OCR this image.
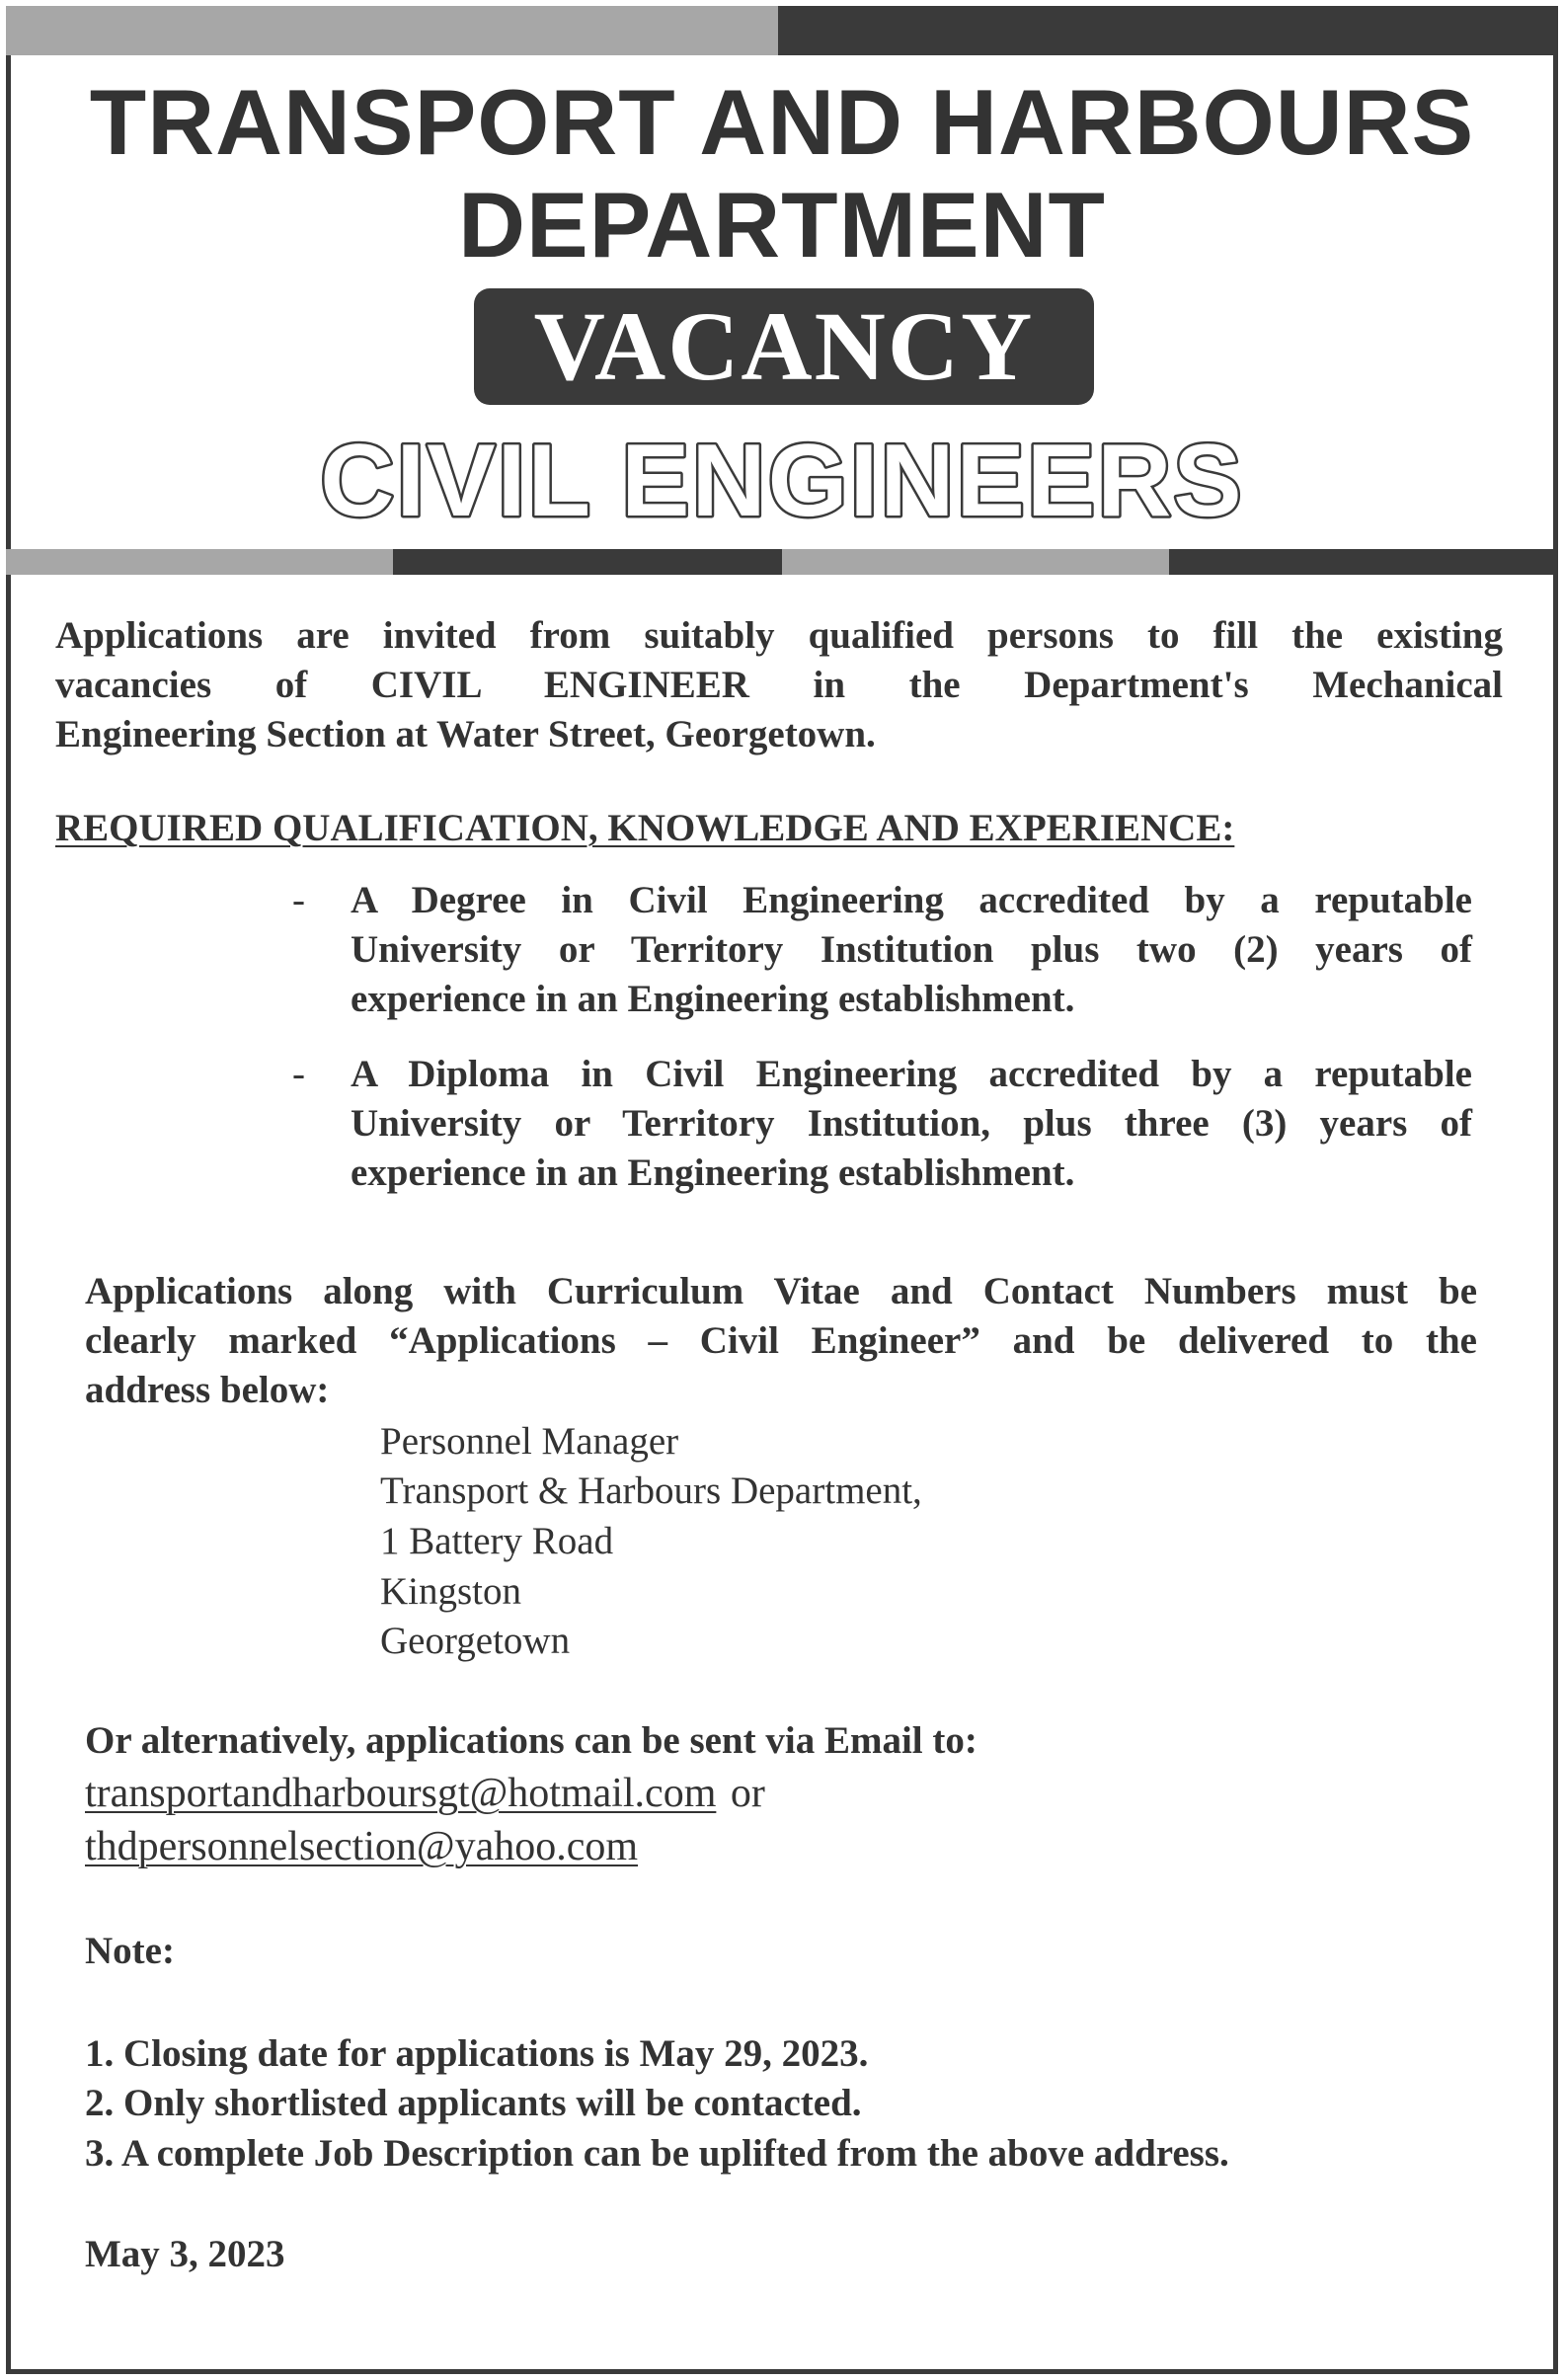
TRANSPORT AND HARBOURS
DEPARTMENT
VACANCY
CIVIL ENGINEERS
Applications are invited from suitably qualified persons to fill the existing
vacancies of CIVIL ENGINEER in the Department's Mechanical
Engineering Section at Water Street, Georgetown.
REQUIRED QUALIFICATION, KNOWLEDGE AND EXPERIENCE:
- A Degree in Civil Engineering accredited by a reputable
University or Territory Institution plus two (2) years of
experience in an Engineering establishment.
- A Diploma in Civil Engineering accredited by a reputable
University or Territory Institution, plus three (3) years of
experience in an Engineering establishment.
Applications along with Curriculum Vitae and Contact Numbers must be
clearly marked “Applications – Civil Engineer” and be delivered to the
address below:
Personnel Manager
Transport & Harbours Department,
1 Battery Road
Kingston
Georgetown
Or alternatively, applications can be sent via Email to:
transportandharboursgt@hotmail.com or
thdpersonnelsection@yahoo.com
Note:
1. Closing date for applications is May 29, 2023.
2. Only shortlisted applicants will be contacted.
3. A complete Job Description can be uplifted from the above address.
May 3, 2023
